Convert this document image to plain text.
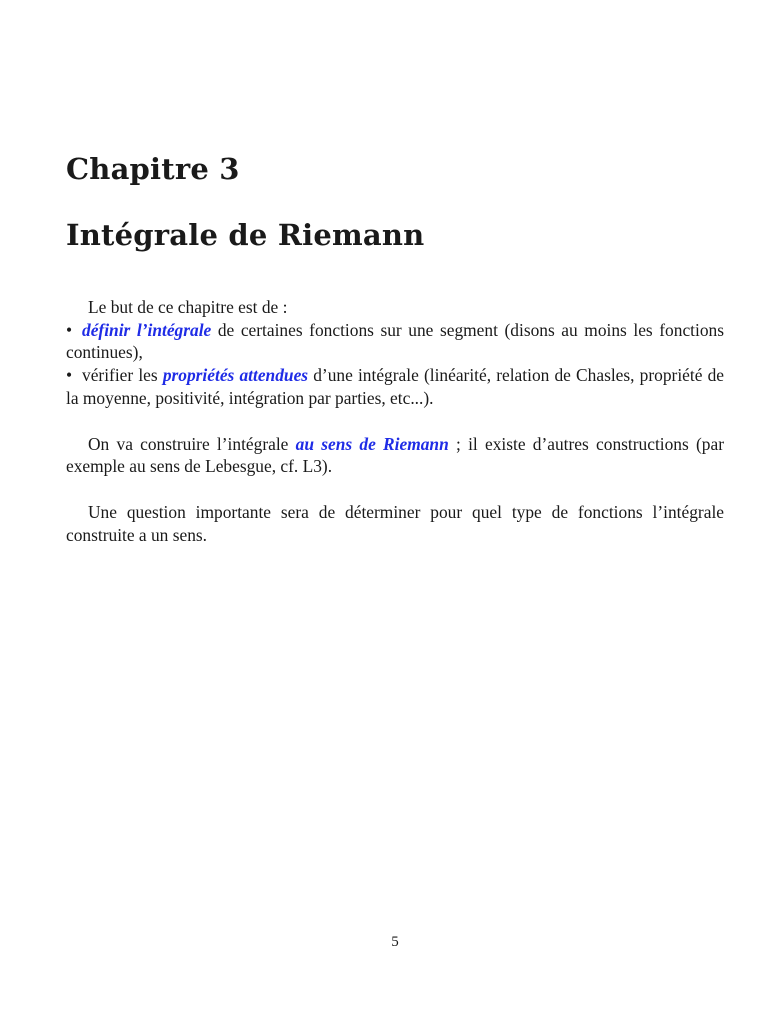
Chapitre 3
Intégrale de Riemann

Le but de ce chapitre est de :

• définir l’intégrale de certaines fonctions sur une segment (disons au moins les fonctions continues),

• vérifier les propriétés attendues d’une intégrale (linéarité, relation de Chasles, propriété de la moyenne, positivité, intégration par parties, etc...).

On va construire l’intégrale au sens de Riemann ; il existe d’autres constructions (par exemple au sens de Lebesgue, cf. L3).

Une question importante sera de déterminer pour quel type de fonctions l’intégrale construite a un sens.

5
